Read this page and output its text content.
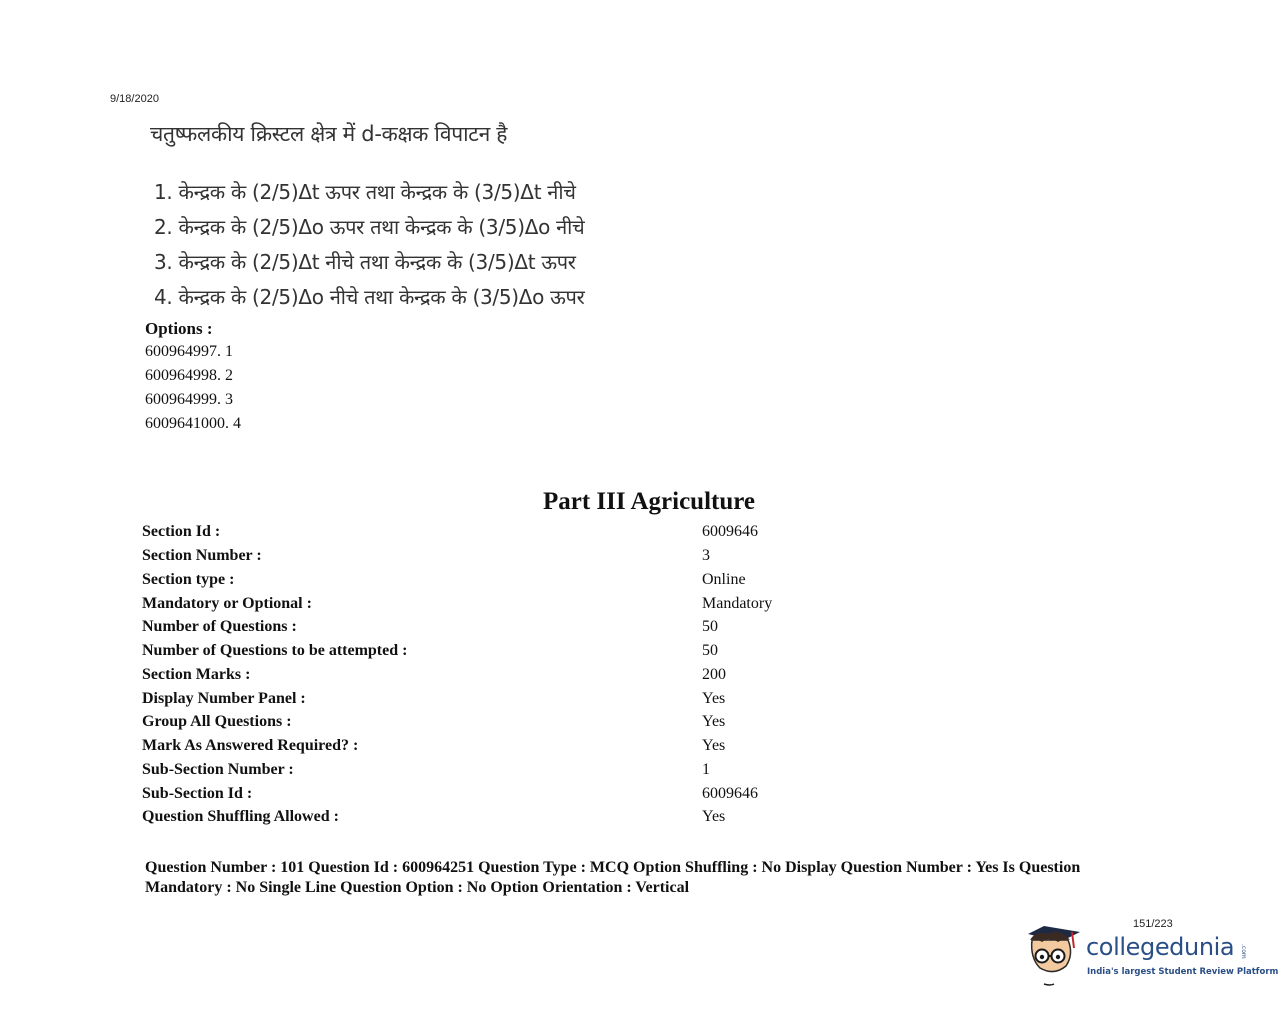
9/18/2020
चतुष्फलकीय क्रिस्टल क्षेत्र में d-कक्षक विपाटन है
1. केन्द्रक के (2/5)Δt ऊपर तथा केन्द्रक के (3/5)Δt नीचे
2. केन्द्रक के (2/5)Δo ऊपर तथा केन्द्रक के (3/5)Δo नीचे
3. केन्द्रक के (2/5)Δt नीचे तथा केन्द्रक के (3/5)Δt ऊपर
4. केन्द्रक के (2/5)Δo नीचे तथा केन्द्रक के (3/5)Δo ऊपर
Options :
600964997. 1
600964998. 2
600964999. 3
6009641000. 4
Part III Agriculture
Section Id :	6009646
Section Number :	3
Section type :	Online
Mandatory or Optional :	Mandatory
Number of Questions :	50
Number of Questions to be attempted :	50
Section Marks :	200
Display Number Panel :	Yes
Group All Questions :	Yes
Mark As Answered Required? :	Yes
Sub-Section Number :	1
Sub-Section Id :	6009646
Question Shuffling Allowed :	Yes
Question Number : 101 Question Id : 600964251 Question Type : MCQ Option Shuffling : No Display Question Number : Yes Is Question Mandatory : No Single Line Question Option : No Option Orientation : Vertical
151/223
collegedunia .com
India's largest Student Review Platform
